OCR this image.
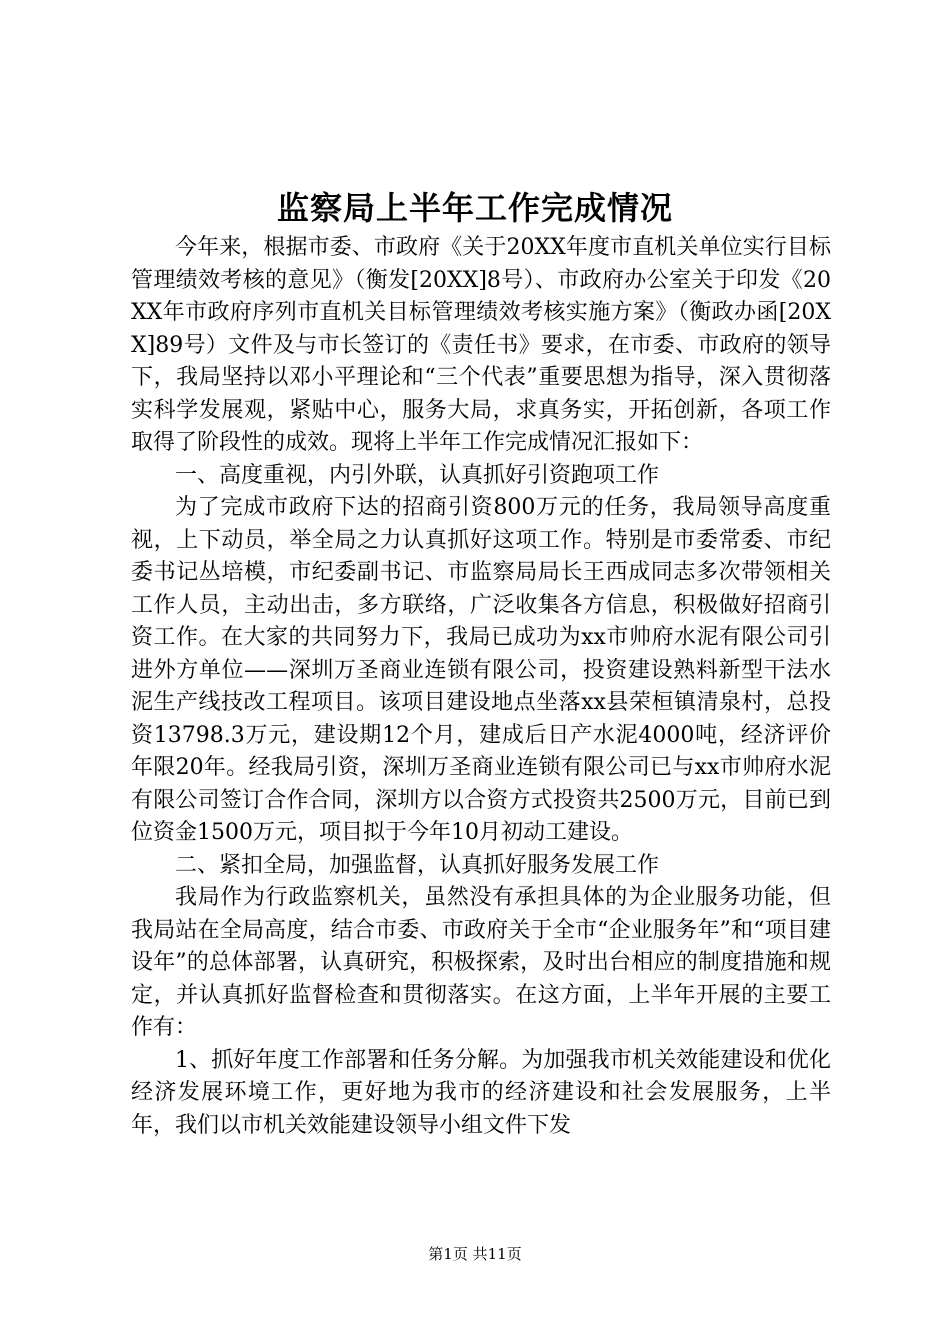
监察局上半年工作完成情况

今年来，根据市委、市政府《关于20XX年度市直机关单位实行目标管理绩效考核的意见》（衡发[20XX]8号）、市政府办公室关于印发《20XX年市政府序列市直机关目标管理绩效考核实施方案》（衡政办函[20XX]89号）文件及与市长签订的《责任书》要求，在市委、市政府的领导下，我局坚持以邓小平理论和“三个代表”重要思想为指导，深入贯彻落实科学发展观，紧贴中心，服务大局，求真务实，开拓创新，各项工作取得了阶段性的成效。现将上半年工作完成情况汇报如下：

一、高度重视，内引外联，认真抓好引资跑项工作

为了完成市政府下达的招商引资800万元的任务，我局领导高度重视，上下动员，举全局之力认真抓好这项工作。特别是市委常委、市纪委书记丛培模，市纪委副书记、市监察局局长王西成同志多次带领相关工作人员，主动出击，多方联络，广泛收集各方信息，积极做好招商引资工作。在大家的共同努力下，我局已成功为xx市帅府水泥有限公司引进外方单位——深圳万圣商业连锁有限公司，投资建设熟料新型干法水泥生产线技改工程项目。该项目建设地点坐落xx县荣桓镇清泉村，总投资13798.3万元，建设期12个月，建成后日产水泥4000吨，经济评价年限20年。经我局引资，深圳万圣商业连锁有限公司已与xx市帅府水泥有限公司签订合作合同，深圳方以合资方式投资共2500万元，目前已到位资金1500万元，项目拟于今年10月初动工建设。

二、紧扣全局，加强监督，认真抓好服务发展工作

我局作为行政监察机关，虽然没有承担具体的为企业服务功能，但我局站在全局高度，结合市委、市政府关于全市“企业服务年”和“项目建设年”的总体部署，认真研究，积极探索，及时出台相应的制度措施和规定，并认真抓好监督检查和贯彻落实。在这方面，上半年开展的主要工作有：

1、抓好年度工作部署和任务分解。为加强我市机关效能建设和优化经济发展环境工作，更好地为我市的经济建设和社会发展服务，上半年，我们以市机关效能建设领导小组文件下发

第1页 共11页
